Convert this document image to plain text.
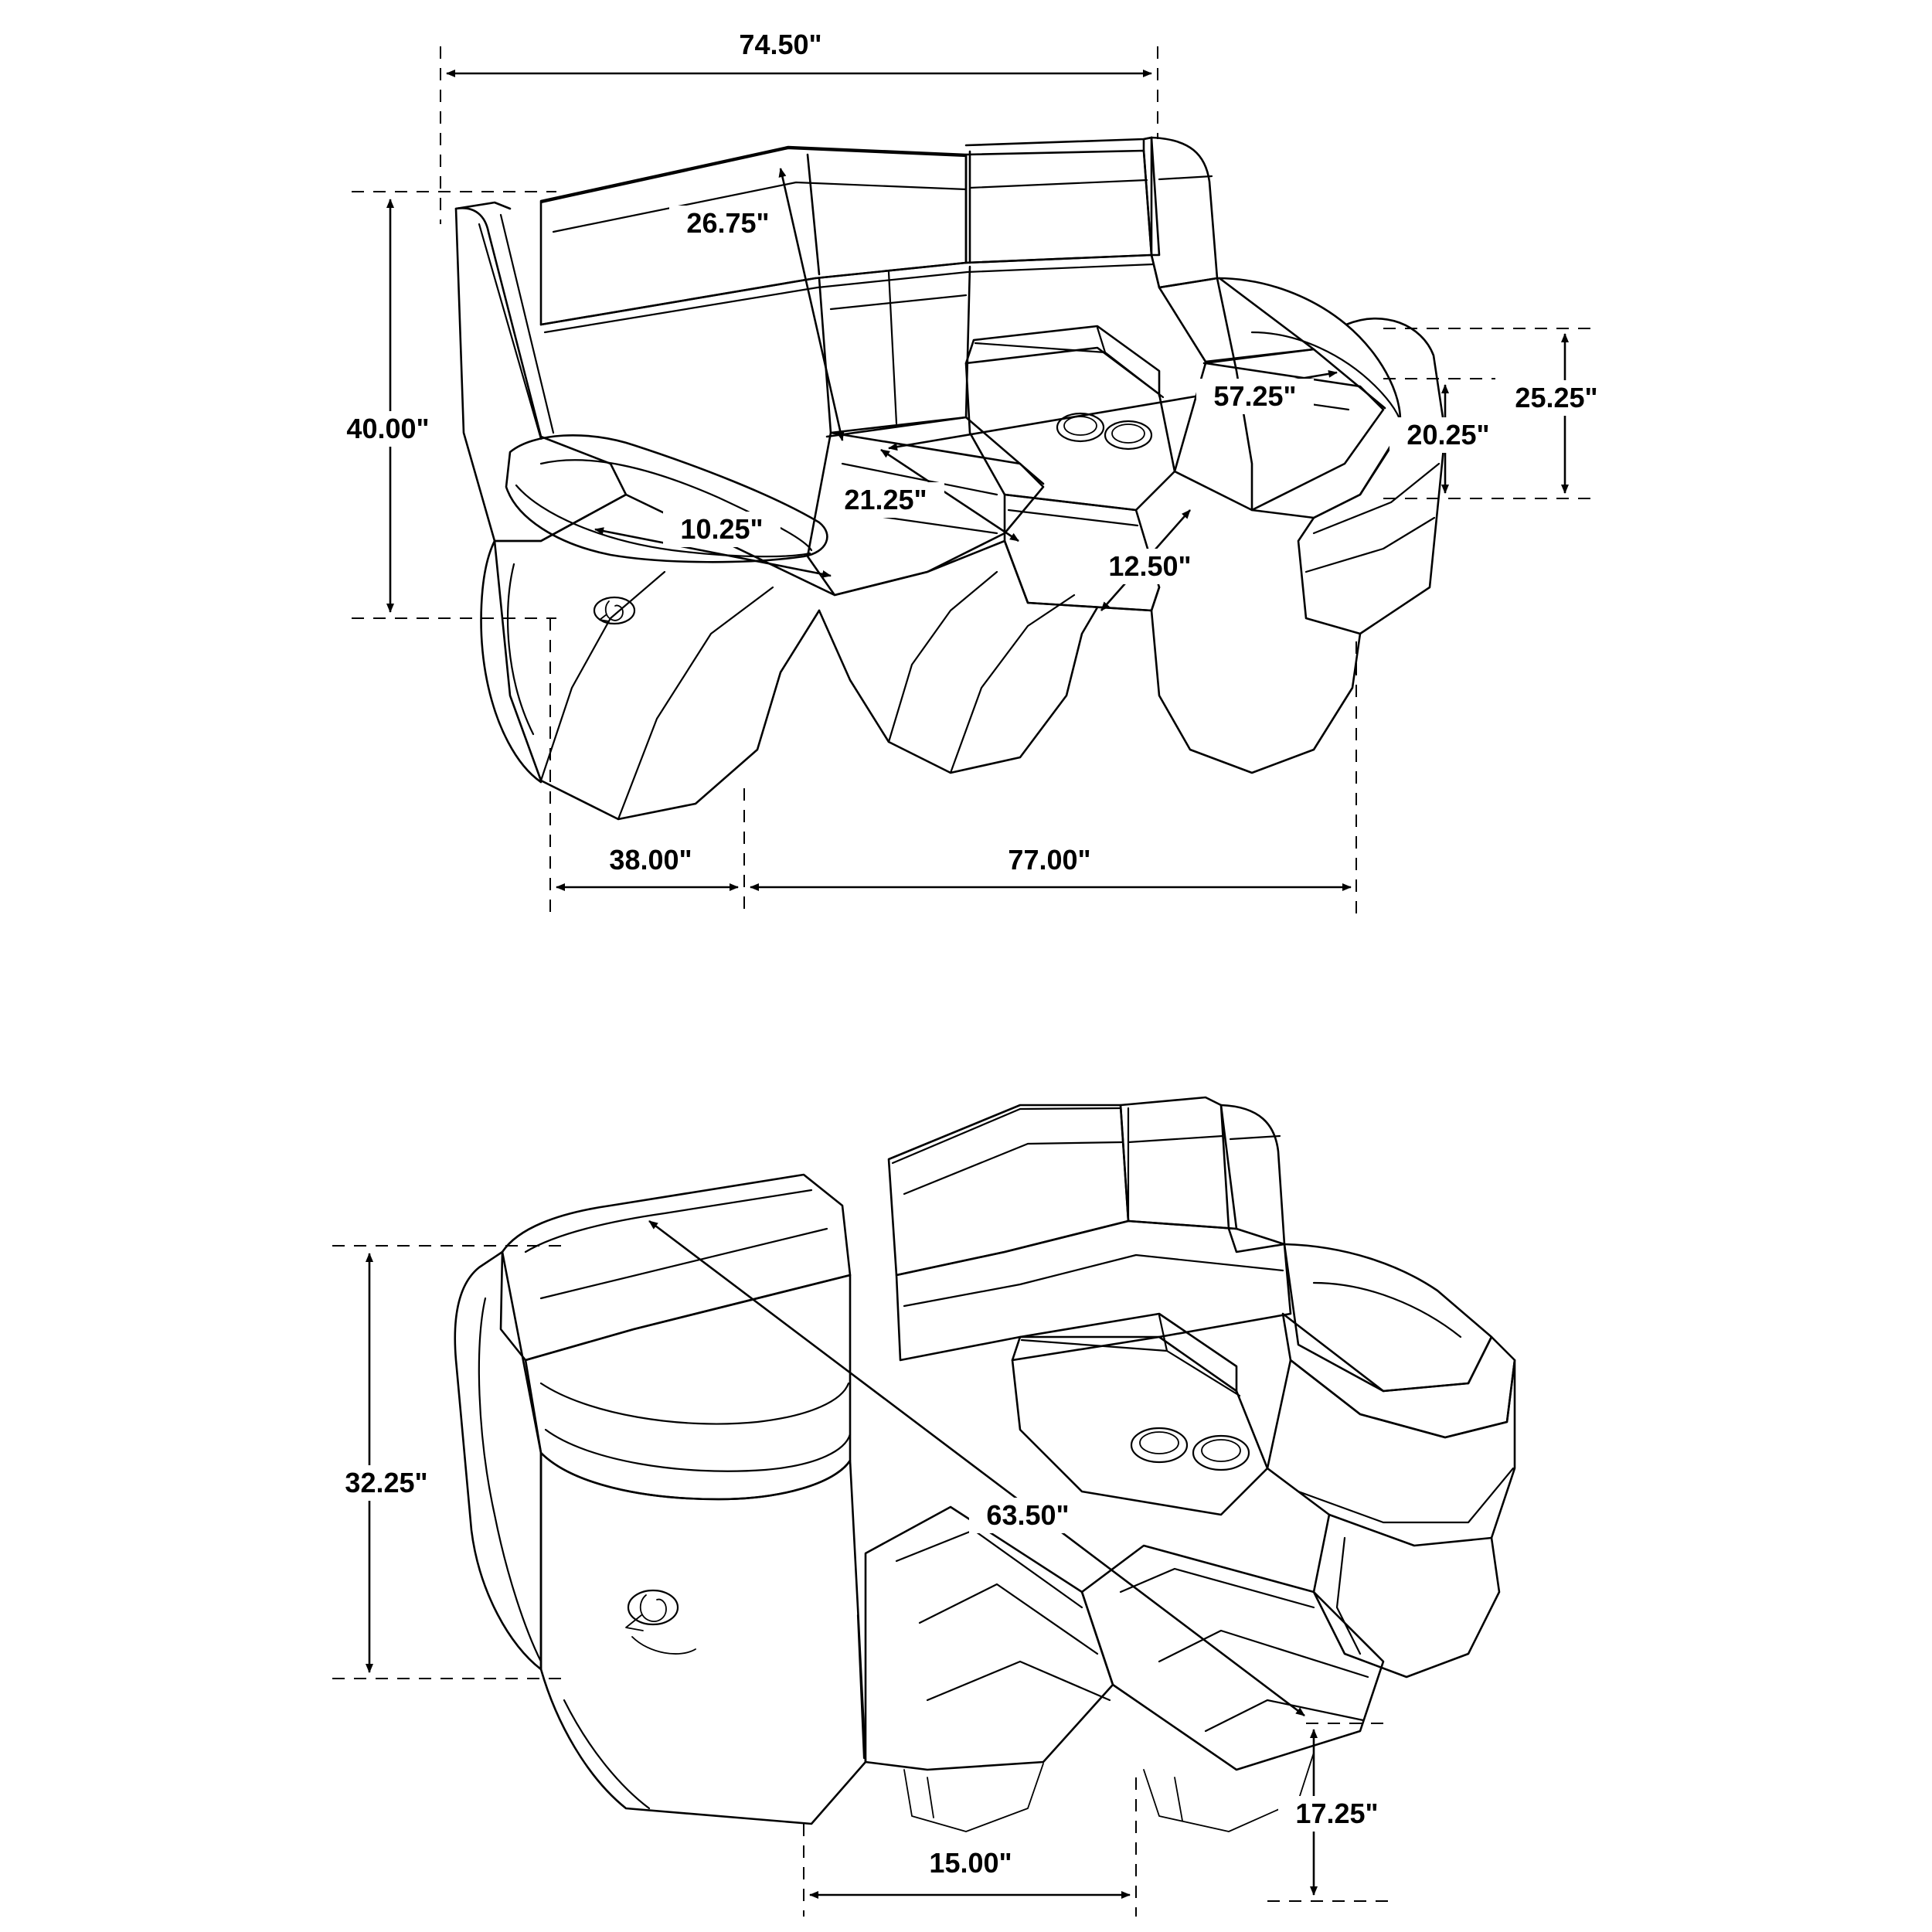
74.50"
26.75"
40.00"
57.25"	25.25"
20.25"
10.25"
21.25"
12.50"
38.00"	77.00"
32.25"
63.50"
17.25"
15.00"
